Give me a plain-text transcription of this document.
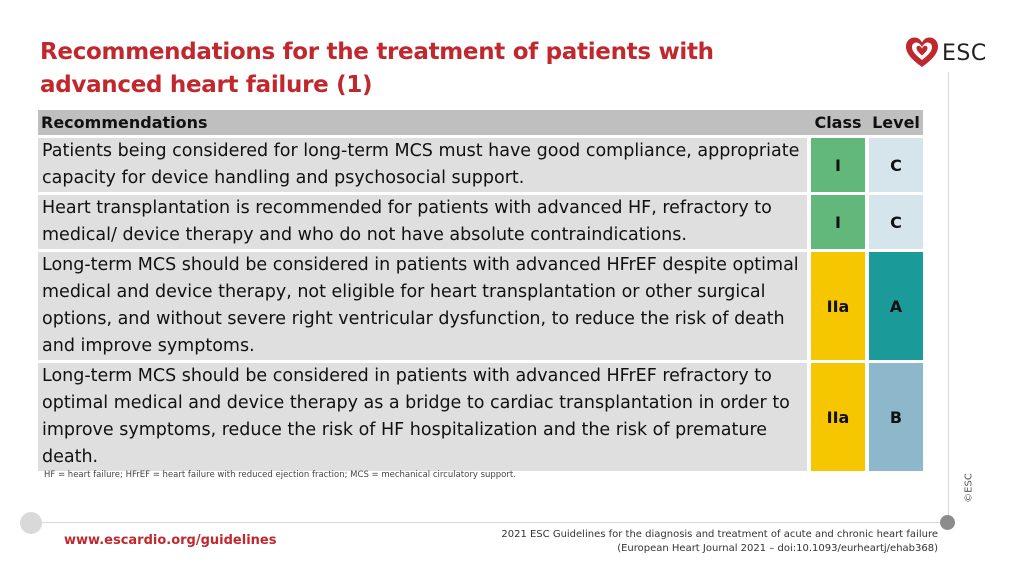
Recommendations for the treatment of patients with advanced heart failure (1)
ESC
©ESC
Recommendations		Class		Level

Patients being considered for long-term MCS must have good compliance, appropriate capacity for device handling and psychosocial support.		I		C

Heart transplantation is recommended for patients with advanced HF, refractory to medical/ device therapy and who do not have absolute contraindications.		I		C

Long-term MCS should be considered in patients with advanced HFrEF despite optimal medical and device therapy, not eligible for heart transplantation or other surgical options, and without severe right ventricular dysfunction, to reduce the risk of death and improve symptoms.		IIa		A

Long-term MCS should be considered in patients with advanced HFrEF refractory to optimal medical and device therapy as a bridge to cardiac transplantation in order to improve symptoms, reduce the risk of HF hospitalization and the risk of premature death.		IIa		B
HF = heart failure; HFrEF = heart failure with reduced ejection fraction; MCS = mechanical circulatory support.
www.escardio.org/guidelines	2021 ESC Guidelines for the diagnosis and treatment of acute and chronic heart failure
(European Heart Journal 2021 – doi:10.1093/eurheartj/ehab368)
